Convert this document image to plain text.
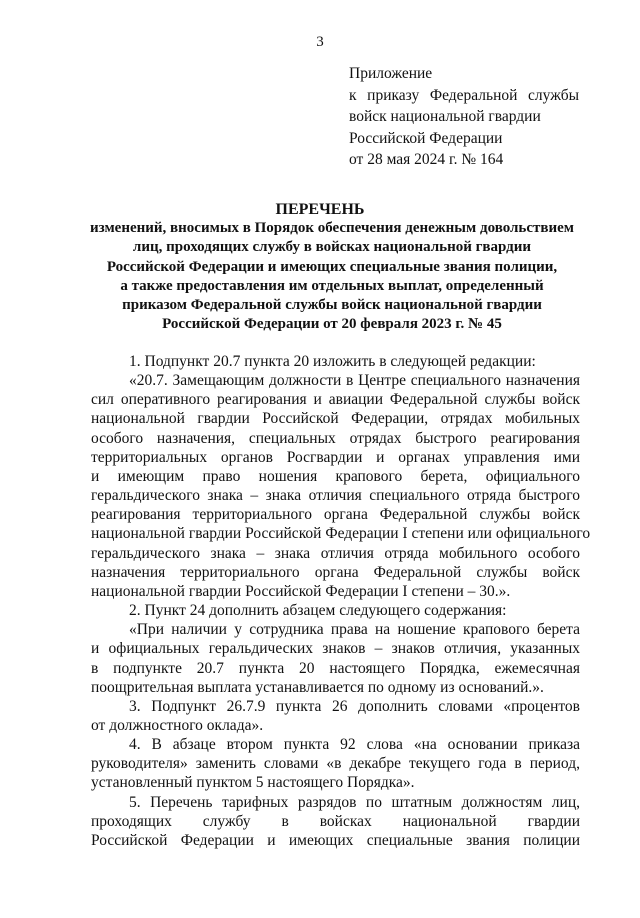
3
Приложение
к приказу Федеральной службы
войск национальной гвардии
Российской Федерации
от 28 мая 2024 г. № 164
ПЕРЕЧЕНЬ
изменений, вносимых в Порядок обеспечения денежным довольствием
лиц, проходящих службу в войсках национальной гвардии
Российской Федерации и имеющих специальные звания полиции,
а также предоставления им отдельных выплат, определенный
приказом Федеральной службы войск национальной гвардии
Российской Федерации от 20 февраля 2023 г. № 45
1. Подпункт 20.7 пункта 20 изложить в следующей редакции:
«20.7. Замещающим должности в Центре специального назначения
сил оперативного реагирования и авиации Федеральной службы войск
национальной гвардии Российской Федерации, отрядах мобильных
особого назначения, специальных отрядах быстрого реагирования
территориальных органов Росгвардии и органах управления ими
и имеющим право ношения крапового берета, официального
геральдического знака – знака отличия специального отряда быстрого
реагирования территориального органа Федеральной службы войск
национальной гвардии Российской Федерации I степени или официального
геральдического знака – знака отличия отряда мобильного особого
назначения территориального органа Федеральной службы войск
национальной гвардии Российской Федерации I степени – 30.».
2. Пункт 24 дополнить абзацем следующего содержания:
«При наличии у сотрудника права на ношение крапового берета
и официальных геральдических знаков – знаков отличия, указанных
в подпункте 20.7 пункта 20 настоящего Порядка, ежемесячная
поощрительная выплата устанавливается по одному из оснований.».
3. Подпункт 26.7.9 пункта 26 дополнить словами «процентов
от должностного оклада».
4. В абзаце втором пункта 92 слова «на основании приказа
руководителя» заменить словами «в декабре текущего года в период,
установленный пунктом 5 настоящего Порядка».
5. Перечень тарифных разрядов по штатным должностям лиц,
проходящих службу в войсках национальной гвардии
Российской Федерации и имеющих специальные звания полиции
